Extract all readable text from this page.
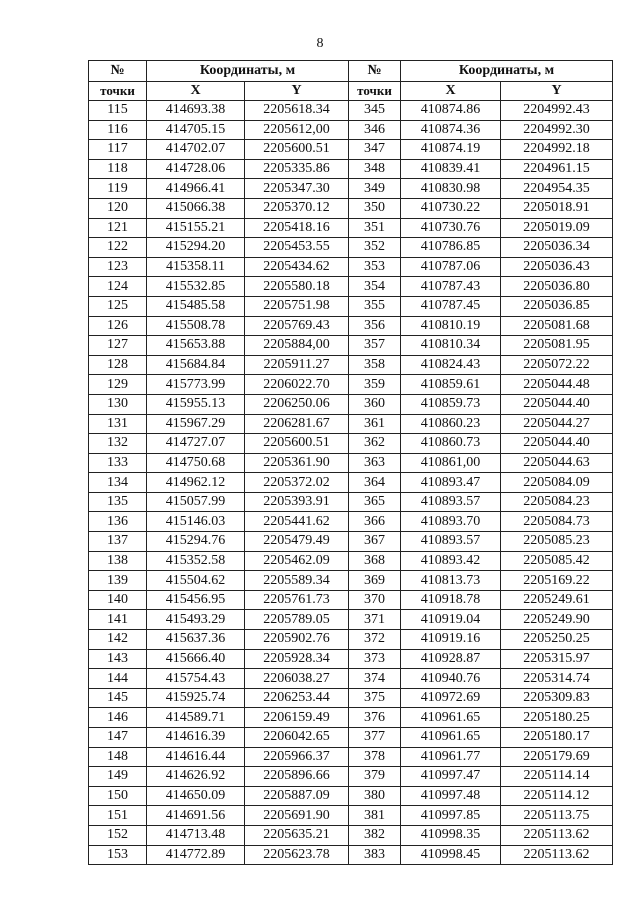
8
№	Координаты, м		№	Координаты, м	
точки	X	Y	точки	X	Y
115	414693.38	2205618.34	345	410874.86	2204992.43
116	414705.15	2205612,00	346	410874.36	2204992.30
117	414702.07	2205600.51	347	410874.19	2204992.18
118	414728.06	2205335.86	348	410839.41	2204961.15
119	414966.41	2205347.30	349	410830.98	2204954.35
120	415066.38	2205370.12	350	410730.22	2205018.91
121	415155.21	2205418.16	351	410730.76	2205019.09
122	415294.20	2205453.55	352	410786.85	2205036.34
123	415358.11	2205434.62	353	410787.06	2205036.43
124	415532.85	2205580.18	354	410787.43	2205036.80
125	415485.58	2205751.98	355	410787.45	2205036.85
126	415508.78	2205769.43	356	410810.19	2205081.68
127	415653.88	2205884,00	357	410810.34	2205081.95
128	415684.84	2205911.27	358	410824.43	2205072.22
129	415773.99	2206022.70	359	410859.61	2205044.48
130	415955.13	2206250.06	360	410859.73	2205044.40
131	415967.29	2206281.67	361	410860.23	2205044.27
132	414727.07	2205600.51	362	410860.73	2205044.40
133	414750.68	2205361.90	363	410861,00	2205044.63
134	414962.12	2205372.02	364	410893.47	2205084.09
135	415057.99	2205393.91	365	410893.57	2205084.23
136	415146.03	2205441.62	366	410893.70	2205084.73
137	415294.76	2205479.49	367	410893.57	2205085.23
138	415352.58	2205462.09	368	410893.42	2205085.42
139	415504.62	2205589.34	369	410813.73	2205169.22
140	415456.95	2205761.73	370	410918.78	2205249.61
141	415493.29	2205789.05	371	410919.04	2205249.90
142	415637.36	2205902.76	372	410919.16	2205250.25
143	415666.40	2205928.34	373	410928.87	2205315.97
144	415754.43	2206038.27	374	410940.76	2205314.74
145	415925.74	2206253.44	375	410972.69	2205309.83
146	414589.71	2206159.49	376	410961.65	2205180.25
147	414616.39	2206042.65	377	410961.65	2205180.17
148	414616.44	2205966.37	378	410961.77	2205179.69
149	414626.92	2205896.66	379	410997.47	2205114.14
150	414650.09	2205887.09	380	410997.48	2205114.12
151	414691.56	2205691.90	381	410997.85	2205113.75
152	414713.48	2205635.21	382	410998.35	2205113.62
153	414772.89	2205623.78	383	410998.45	2205113.62
